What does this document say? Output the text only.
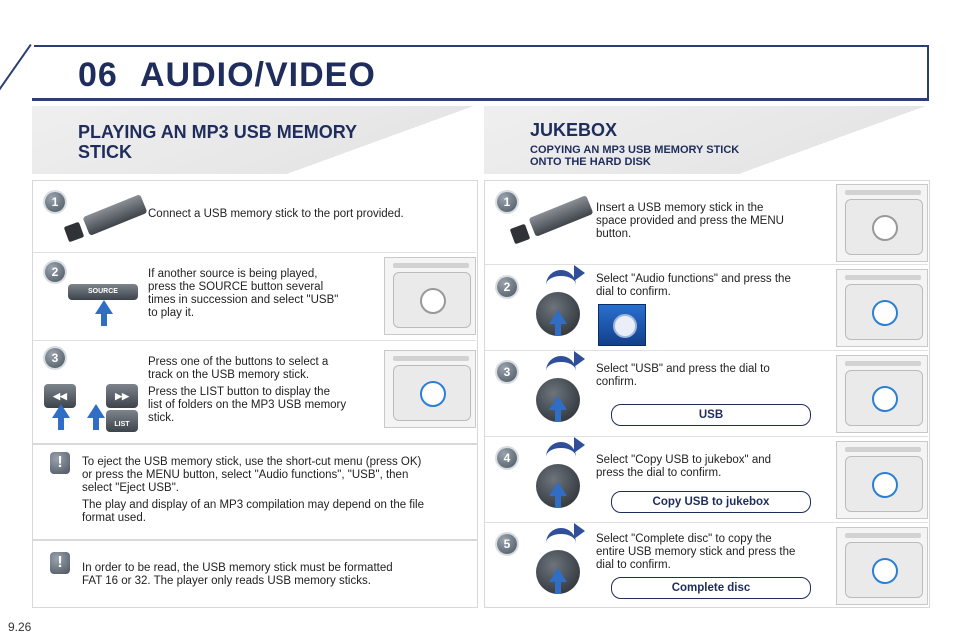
06 AUDIO/VIDEO
PLAYING AN MP3 USB MEMORY
STICK
1
Connect a USB memory stick to the port provided.
2
SOURCE
If another source is being played,
press the SOURCE button several
times in succession and select "USB"
to play it.
3
◀◀	▶▶
LIST
Press one of the buttons to select a
track on the USB memory stick.
Press the LIST button to display the
list of folders on the MP3 USB memory
stick.
!	To eject the USB memory stick, use the short-cut menu (press OK)
or press the MENU button, select "Audio functions", "USB", then
select "Eject USB".
The play and display of an MP3 compilation may depend on the file
format used.
!	In order to be read, the USB memory stick must be formatted
FAT 16 or 32. The player only reads USB memory sticks.
JUKEBOX
COPYING AN MP3 USB MEMORY STICK
ONTO THE HARD DISK
1	Insert a USB memory stick in the
space provided and press the MENU
button.
2
Select "Audio functions" and press the
dial to confirm.
3	Select "USB" and press the dial to
confirm.
USB
4	Select "Copy USB to jukebox" and
press the dial to confirm.
Copy USB to jukebox
5	Select "Complete disc" to copy the
entire USB memory stick and press the
dial to confirm.
Complete disc
9.26
